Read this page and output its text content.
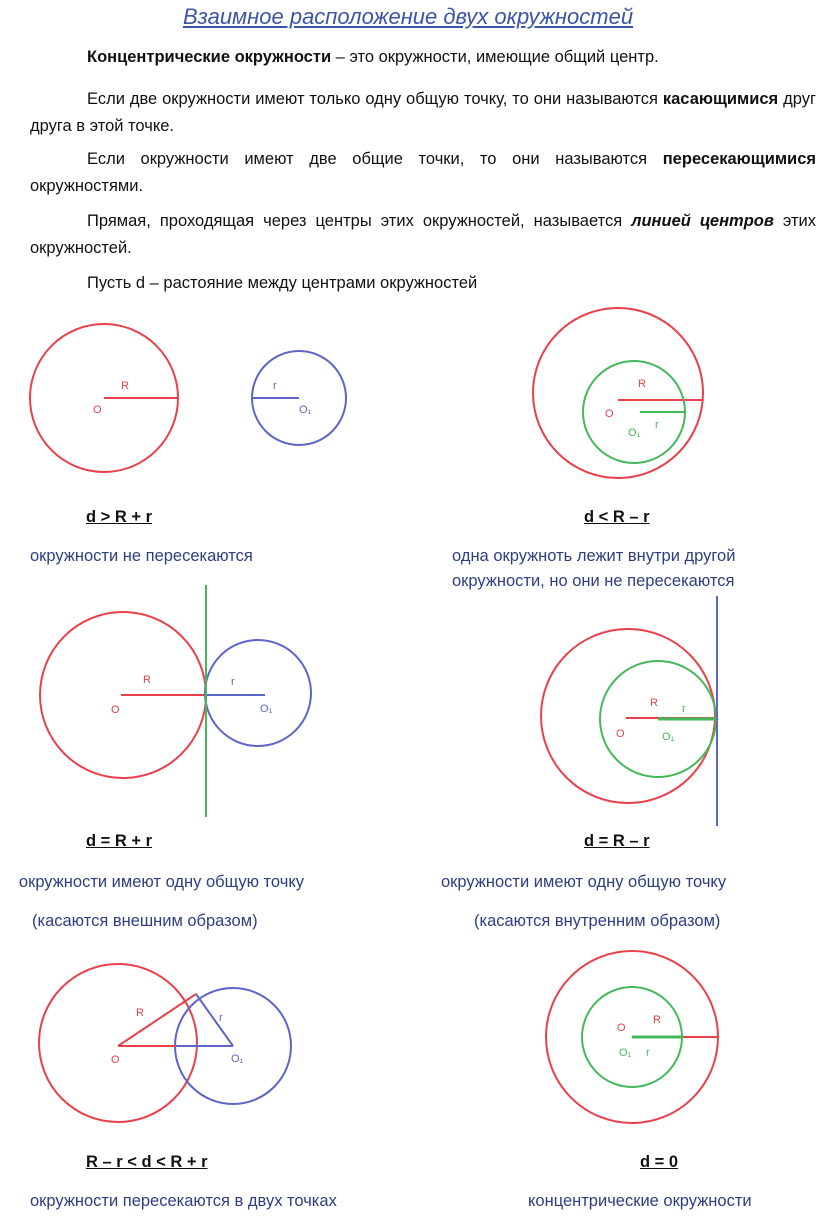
Взаимное расположение двух окружностей
Концентрические окружности – это окружности, имеющие общий центр.
Если две окружности имеют только одну общую точку, то они называются касающимися друг друга в этой точке.
Если окружности имеют две общие точки, то они называются пересекающимися окружностями.
Прямая, проходящая через центры этих окружностей, называется линией центров этих окружностей.
Пусть d – растояние между центрами окружностей
R
O
r
O₁
R
O
r
O₁
R
O
r
O₁	R
O
r
O₁
R
O
r
O₁
R
O
O₁ r
d > R + r	d < R – r
d = R + r	d = R – r
R – r < d < R + r	d = 0
окружности не пересекаются	одна окружноть лежит внутри другой
окружности, но они не пересекаются
окружности имеют одну общую точку
(касаются внешним образом)
окружности имеют одну общую точку
(касаются внутренним образом)
окружности пересекаются в двух точках	концентрические окружности
